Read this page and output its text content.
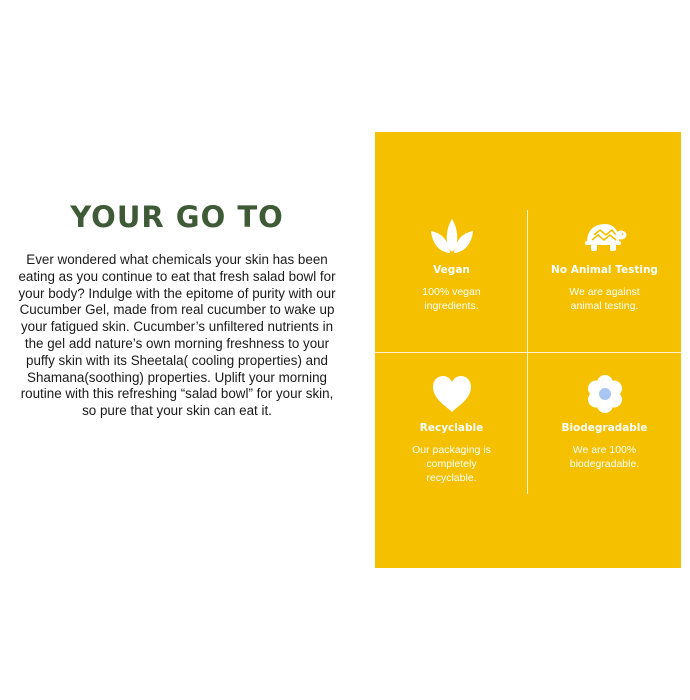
YOUR GO TO

Ever wondered what chemicals your skin has been eating as you continue to eat that fresh salad bowl for your body? Indulge with the epitome of purity with our Cucumber Gel, made from real cucumber to wake up your fatigued skin. Cucumber’s unfiltered nutrients in the gel add nature’s own morning freshness to your puffy skin with its Sheetala( cooling properties) and Shamana(soothing) properties. Uplift your morning routine with this refreshing “salad bowl” for your skin, so pure that your skin can eat it.

Vegan
100% vegan ingredients.
No Animal Testing
We are against animal testing.
Recyclable
Our packaging is completely recyclable.
Biodegradable
We are 100% biodegradable.
